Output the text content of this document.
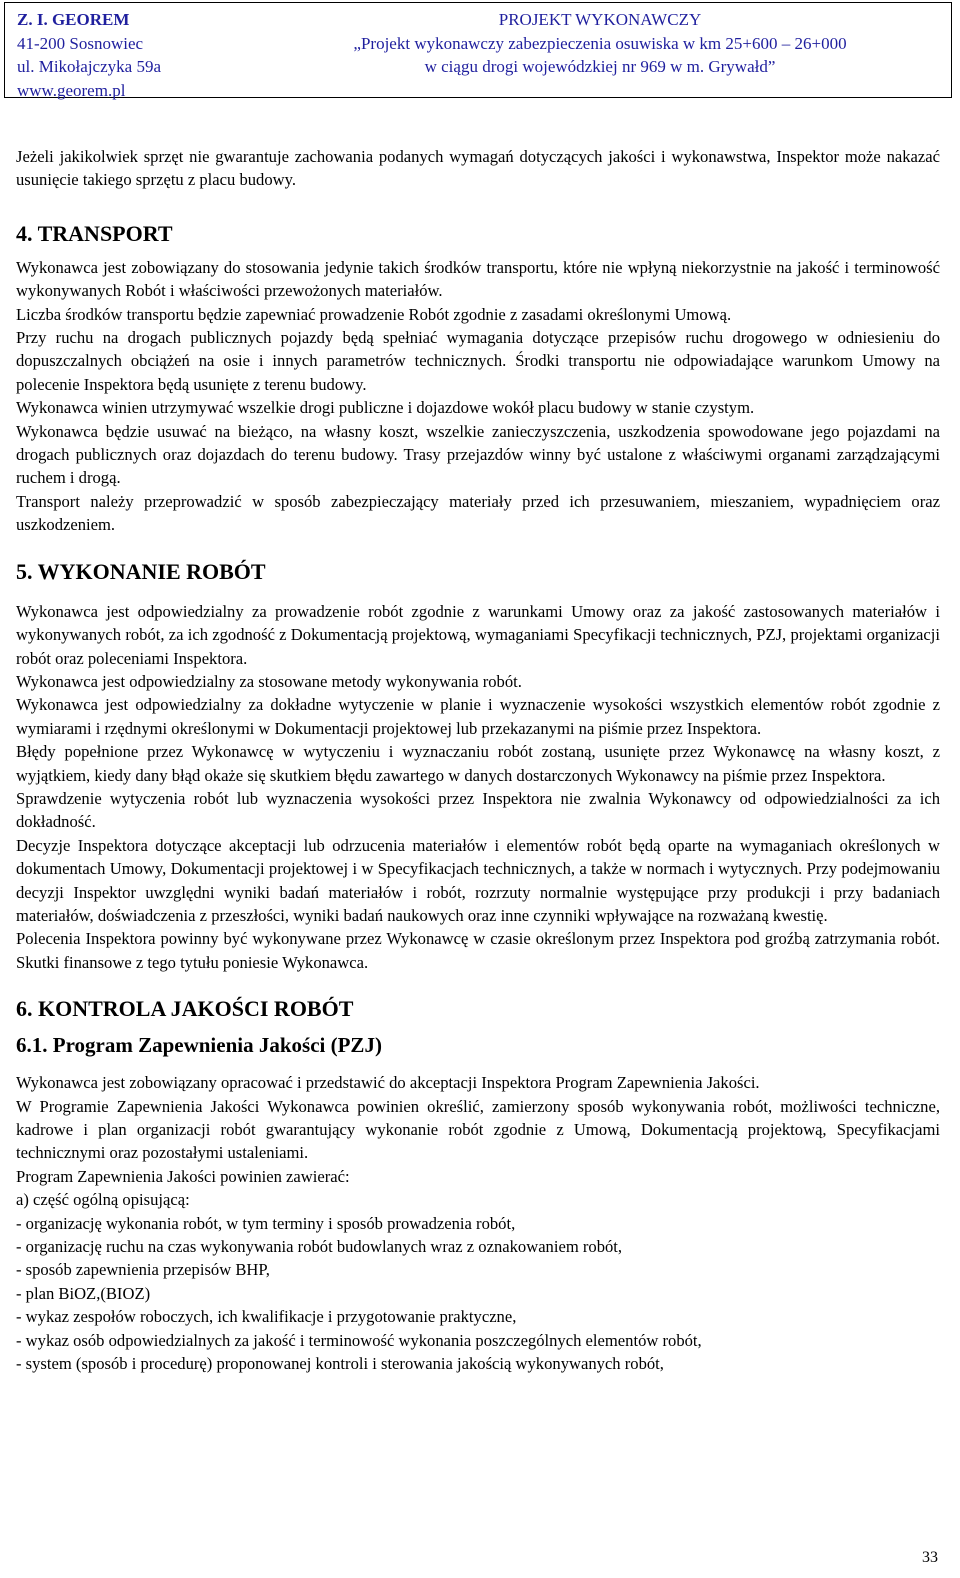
Z. I. GEOREM
41-200 Sosnowiec
ul. Mikołajczyka 59a
www.georem.pl
PROJEKT WYKONAWCZY
„Projekt wykonawczy zabezpieczenia osuwiska w km 25+600 – 26+000
w ciągu drogi wojewódzkiej nr 969 w m. Grywałd”

Jeżeli jakikolwiek sprzęt nie gwarantuje zachowania podanych wymagań dotyczących jakości i wykonawstwa, Inspektor może nakazać usunięcie takiego sprzętu z placu budowy.

4. TRANSPORT

Wykonawca jest zobowiązany do stosowania jedynie takich środków transportu, które nie wpłyną niekorzystnie na jakość i terminowość wykonywanych Robót i właściwości przewożonych materiałów.

Liczba środków transportu będzie zapewniać prowadzenie Robót zgodnie z zasadami określonymi Umową.

Przy ruchu na drogach publicznych pojazdy będą spełniać wymagania dotyczące przepisów ruchu drogowego w odniesieniu do dopuszczalnych obciążeń na osie i innych parametrów technicznych. Środki transportu nie odpowiadające warunkom Umowy na polecenie Inspektora będą usunięte z terenu budowy.

Wykonawca winien utrzymywać wszelkie drogi publiczne i dojazdowe wokół placu budowy w stanie czystym.

Wykonawca będzie usuwać na bieżąco, na własny koszt, wszelkie zanieczyszczenia, uszkodzenia spowodowane jego pojazdami na drogach publicznych oraz dojazdach do terenu budowy. Trasy przejazdów winny być ustalone z właściwymi organami zarządzającymi ruchem i drogą.

Transport należy przeprowadzić w sposób zabezpieczający materiały przed ich przesuwaniem, mieszaniem, wypadnięciem oraz uszkodzeniem.

5. WYKONANIE ROBÓT

Wykonawca jest odpowiedzialny za prowadzenie robót zgodnie z warunkami Umowy oraz za jakość zastosowanych materiałów i wykonywanych robót, za ich zgodność z Dokumentacją projektową, wymaganiami Specyfikacji technicznych, PZJ, projektami organizacji robót oraz poleceniami Inspektora.

Wykonawca jest odpowiedzialny za stosowane metody wykonywania robót.

Wykonawca jest odpowiedzialny za dokładne wytyczenie w planie i wyznaczenie wysokości wszystkich elementów robót zgodnie z wymiarami i rzędnymi określonymi w Dokumentacji projektowej lub przekazanymi na piśmie przez Inspektora.

Błędy popełnione przez Wykonawcę w wytyczeniu i wyznaczaniu robót zostaną, usunięte przez Wykonawcę na własny koszt, z wyjątkiem, kiedy dany błąd okaże się skutkiem błędu zawartego w danych dostarczonych Wykonawcy na piśmie przez Inspektora.

Sprawdzenie wytyczenia robót lub wyznaczenia wysokości przez Inspektora nie zwalnia Wykonawcy od odpowiedzialności za ich dokładność.

Decyzje Inspektora dotyczące akceptacji lub odrzucenia materiałów i elementów robót będą oparte na wymaganiach określonych w dokumentach Umowy, Dokumentacji projektowej i w Specyfikacjach technicznych, a także w normach i wytycznych. Przy podejmowaniu decyzji Inspektor uwzględni wyniki badań materiałów i robót, rozrzuty normalnie występujące przy produkcji i przy badaniach materiałów, doświadczenia z przeszłości, wyniki badań naukowych oraz inne czynniki wpływające na rozważaną kwestię.

Polecenia Inspektora powinny być wykonywane przez Wykonawcę w czasie określonym przez Inspektora pod groźbą zatrzymania robót. Skutki finansowe z tego tytułu poniesie Wykonawca.

6. KONTROLA JAKOŚCI ROBÓT
6.1. Program Zapewnienia Jakości (PZJ)

Wykonawca jest zobowiązany opracować i przedstawić do akceptacji Inspektora Program Zapewnienia Jakości.

W Programie Zapewnienia Jakości Wykonawca powinien określić, zamierzony sposób wykonywania robót, możliwości techniczne, kadrowe i plan organizacji robót gwarantujący wykonanie robót zgodnie z Umową, Dokumentacją projektową, Specyfikacjami technicznymi oraz pozostałymi ustaleniami.

Program Zapewnienia Jakości powinien zawierać:

a) część ogólną opisującą:

- organizację wykonania robót, w tym terminy i sposób prowadzenia robót,

- organizację ruchu na czas wykonywania robót budowlanych wraz z oznakowaniem robót,

- sposób zapewnienia przepisów BHP,

- plan BiOZ,(BIOZ)

- wykaz zespołów roboczych, ich kwalifikacje i przygotowanie praktyczne,

- wykaz osób odpowiedzialnych za jakość i terminowość wykonania poszczególnych elementów robót,

- system (sposób i procedurę) proponowanej kontroli i sterowania jakością wykonywanych robót,

33
